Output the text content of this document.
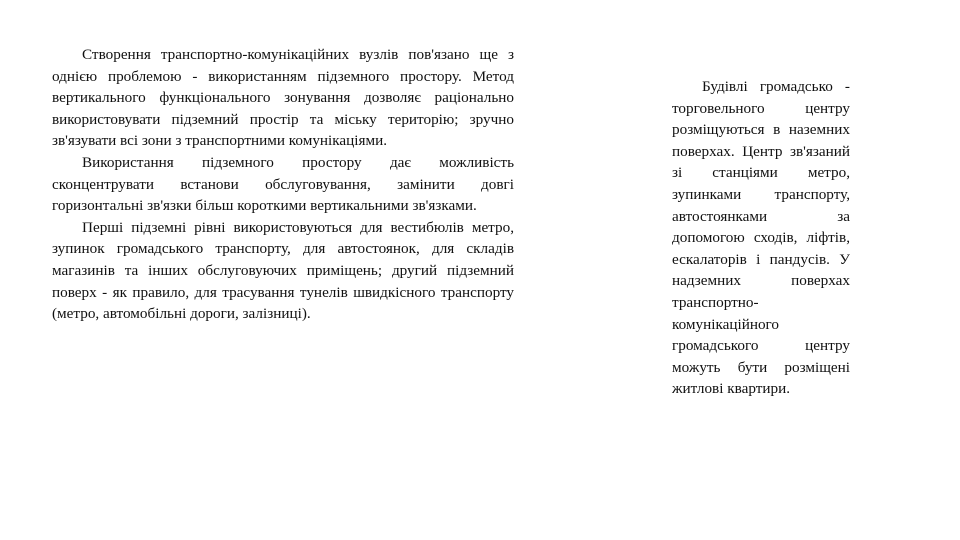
Створення транспортно-комунікаційних вузлів пов'язано ще з однією проблемою - використанням підземного простору. Метод вертикального функціонального зонування дозволяє раціонально використовувати підземний простір та міську територію; зручно зв'язувати всі зони з транспортними комунікаціями.

Використання підземного простору дає можливість сконцентрувати встанови обслуговування, замінити довгі горизонтальні зв'язки більш короткими вертикальними зв'язками.

Перші підземні рівні використовуються для вестибюлів метро, зупинок громадського транспорту, для автостоянок, для складів магазинів та інших обслуговуючих приміщень; другий підземний поверх - як правило, для трасування тунелів швидкісного транспорту (метро, автомобільні дороги, залізниці).

Будівлі громадсько - торговельного центру розміщуються в наземних поверхах. Центр зв'язаний зі станціями метро, зупинками транспорту, автостоянками за допомогою сходів, ліфтів, ескалаторів і пандусів. У надземних поверхах транспортно-комунікаційного громадського центру можуть бути розміщені житлові квартири.
